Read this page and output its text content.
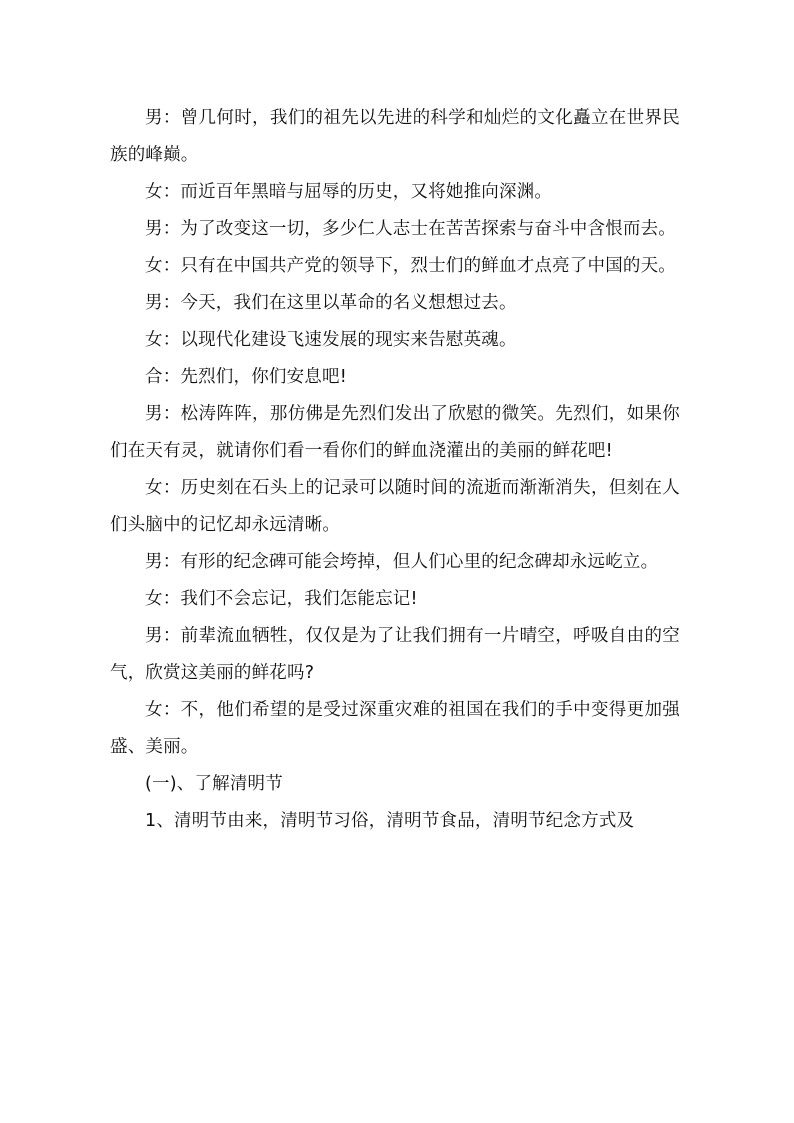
男：曾几何时，我们的祖先以先进的科学和灿烂的文化矗立在世界民族的峰巅。

女：而近百年黑暗与屈辱的历史，又将她推向深渊。

男：为了改变这一切，多少仁人志士在苦苦探索与奋斗中含恨而去。

女：只有在中国共产党的领导下，烈士们的鲜血才点亮了中国的天。

男：今天，我们在这里以革命的名义想想过去。

女：以现代化建设飞速发展的现实来告慰英魂。

合：先烈们，你们安息吧!

男：松涛阵阵，那仿佛是先烈们发出了欣慰的微笑。先烈们，如果你们在天有灵，就请你们看一看你们的鲜血浇灌出的美丽的鲜花吧!

女：历史刻在石头上的记录可以随时间的流逝而渐渐消失，但刻在人们头脑中的记忆却永远清晰。

男：有形的纪念碑可能会垮掉，但人们心里的纪念碑却永远屹立。

女：我们不会忘记，我们怎能忘记!

男：前辈流血牺牲，仅仅是为了让我们拥有一片晴空，呼吸自由的空气，欣赏这美丽的鲜花吗?

女：不，他们希望的是受过深重灾难的祖国在我们的手中变得更加强盛、美丽。

(一)、了解清明节

1、清明节由来，清明节习俗，清明节食品，清明节纪念方式及
